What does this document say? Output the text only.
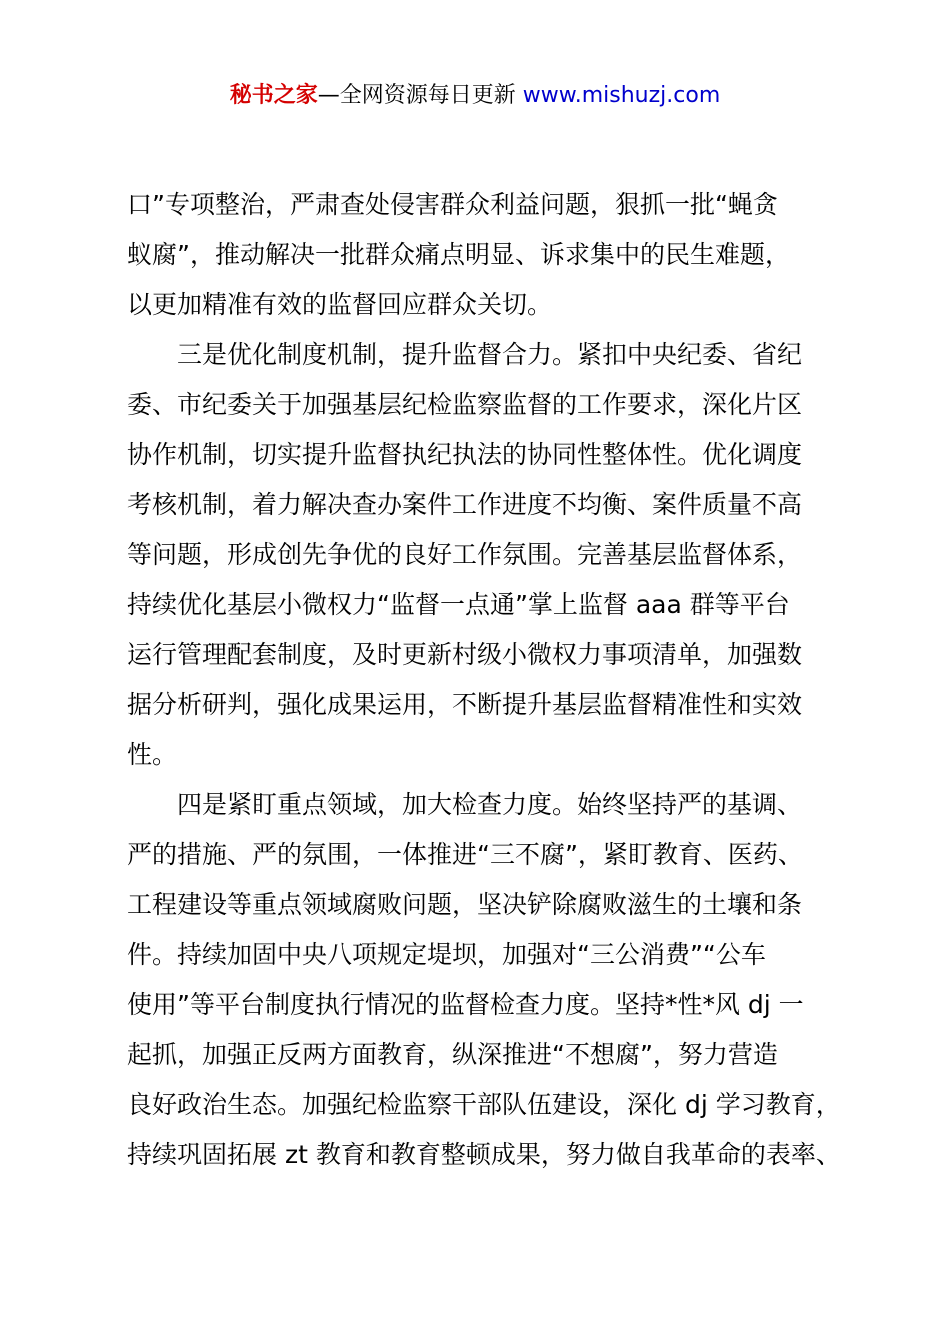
秘书之家—全网资源每日更新 www.mishuzj.com
口”专项整治，严肃查处侵害群众利益问题，狠抓一批“蝇贪
蚁腐”，推动解决一批群众痛点明显、诉求集中的民生难题，
以更加精准有效的监督回应群众关切。
　　三是优化制度机制，提升监督合力。紧扣中央纪委、省纪
委、市纪委关于加强基层纪检监察监督的工作要求，深化片区
协作机制，切实提升监督执纪执法的协同性整体性。优化调度
考核机制，着力解决查办案件工作进度不均衡、案件质量不高
等问题，形成创先争优的良好工作氛围。完善基层监督体系，
持续优化基层小微权力“监督一点通”掌上监督 aaa 群等平台
运行管理配套制度，及时更新村级小微权力事项清单，加强数
据分析研判，强化成果运用，不断提升基层监督精准性和实效
性。
　　四是紧盯重点领域，加大检查力度。始终坚持严的基调、
严的措施、严的氛围，一体推进“三不腐”，紧盯教育、医药、
工程建设等重点领域腐败问题，坚决铲除腐败滋生的土壤和条
件。持续加固中央八项规定堤坝，加强对“三公消费”“公车
使用”等平台制度执行情况的监督检查力度。坚持*性*风 dj 一
起抓，加强正反两方面教育，纵深推进“不想腐”，努力营造
良好政治生态。加强纪检监察干部队伍建设，深化 dj 学习教育，
持续巩固拓展 zt 教育和教育整顿成果，努力做自我革命的表率、
